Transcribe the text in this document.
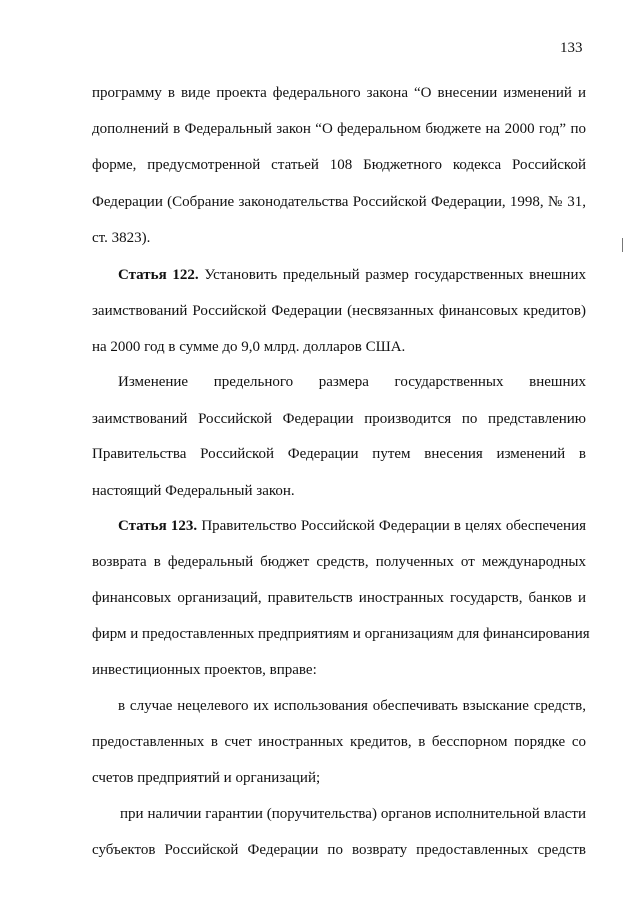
133
программу в виде проекта федерального закона “О внесении изменений и
дополнений в Федеральный закон “О федеральном бюджете на 2000 год” по
форме, предусмотренной статьей 108 Бюджетного кодекса Российской
Федерации (Собрание законодательства Российской Федерации, 1998, № 31,
ст. 3823).
Статья 122. Установить предельный размер государственных внешних
заимствований Российской Федерации (несвязанных финансовых кредитов)
на 2000 год в сумме до 9,0 млрд. долларов США.
Изменение предельного размера государственных внешних
заимствований Российской Федерации производится по представлению
Правительства Российской Федерации путем внесения изменений в
настоящий Федеральный закон.
Статья 123. Правительство Российской Федерации в целях обеспечения
возврата в федеральный бюджет средств, полученных от международных
финансовых организаций, правительств иностранных государств, банков и
фирм и предоставленных предприятиям и организациям для финансирования
инвестиционных проектов, вправе:
в случае нецелевого их использования обеспечивать взыскание средств,
предоставленных в счет иностранных кредитов, в бесспорном порядке со
счетов предприятий и организаций;
при наличии гарантии (поручительства) органов исполнительной власти
субъектов Российской Федерации по возврату предоставленных средств
